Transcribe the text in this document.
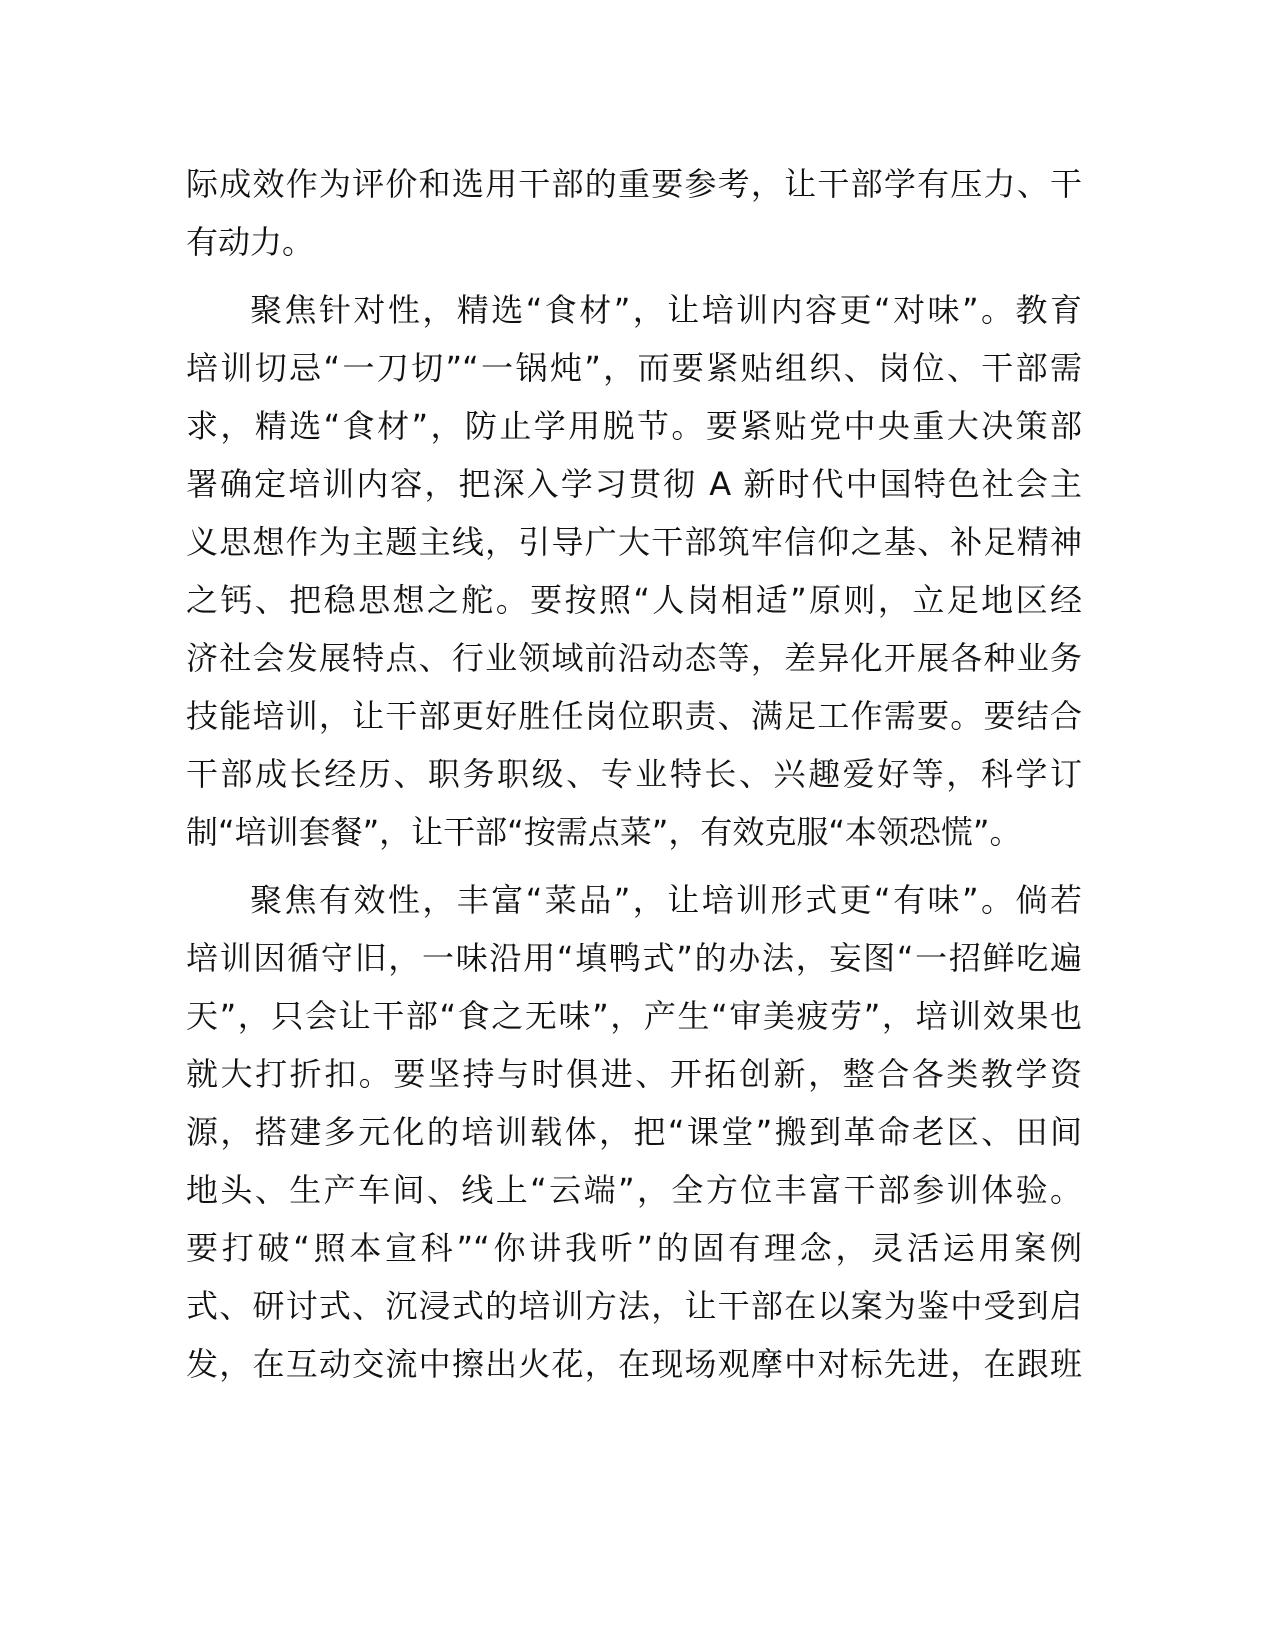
际成效作为评价和选用干部的重要参考，让干部学有压力、干
有动力。
聚焦针对性，精选“食材”，让培训内容更“对味”。教育
培训切忌“一刀切”“一锅炖”，而要紧贴组织、岗位、干部需
求，精选“食材”，防止学用脱节。要紧贴党中央重大决策部
署确定培训内容，把深入学习贯彻 A 新时代中国特色社会主
义思想作为主题主线，引导广大干部筑牢信仰之基、补足精神
之钙、把稳思想之舵。要按照“人岗相适”原则，立足地区经
济社会发展特点、行业领域前沿动态等，差异化开展各种业务
技能培训，让干部更好胜任岗位职责、满足工作需要。要结合
干部成长经历、职务职级、专业特长、兴趣爱好等，科学订
制“培训套餐”，让干部“按需点菜”，有效克服“本领恐慌”。
聚焦有效性，丰富“菜品”，让培训形式更“有味”。倘若
培训因循守旧，一味沿用“填鸭式”的办法，妄图“一招鲜吃遍
天”，只会让干部“食之无味”，产生“审美疲劳”，培训效果也
就大打折扣。要坚持与时俱进、开拓创新，整合各类教学资
源，搭建多元化的培训载体，把“课堂”搬到革命老区、田间
地头、生产车间、线上“云端”，全方位丰富干部参训体验。
要打破“照本宣科”“你讲我听”的固有理念，灵活运用案例
式、研讨式、沉浸式的培训方法，让干部在以案为鉴中受到启
发，在互动交流中擦出火花，在现场观摩中对标先进，在跟班
